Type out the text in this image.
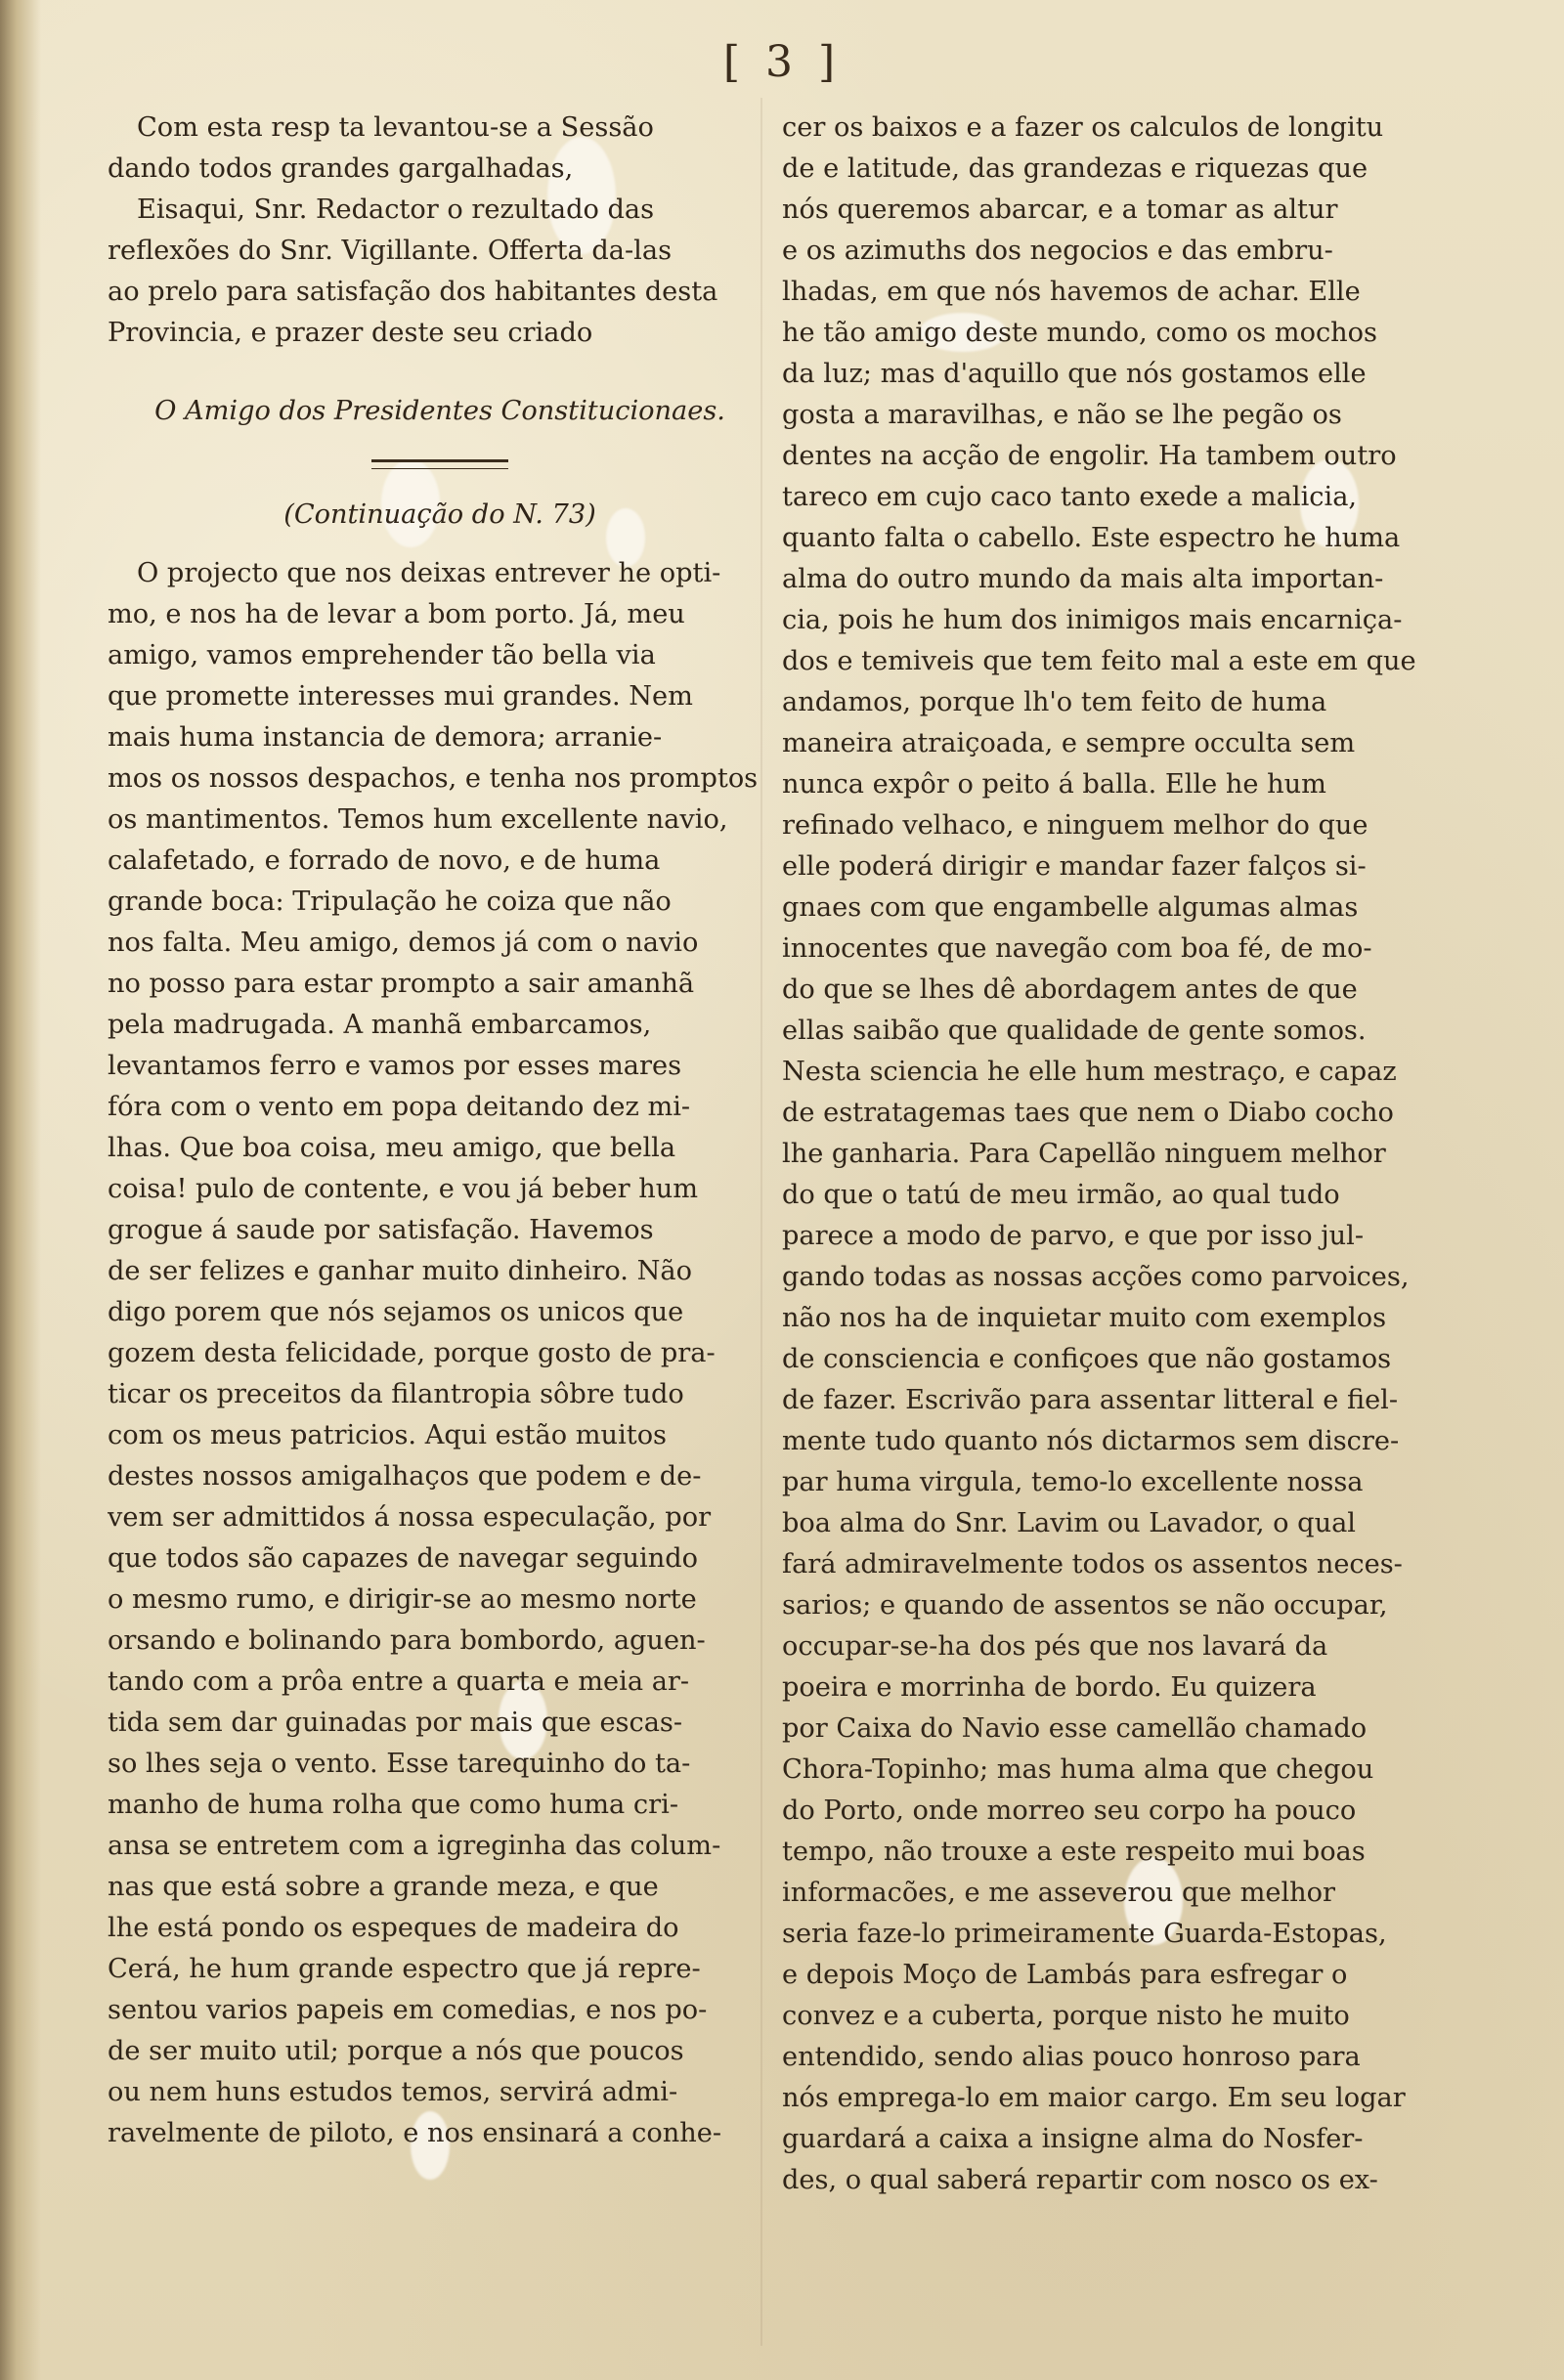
[ 3 ]
Com esta resp ta levantou-se a Sessão
dando todos grandes gargalhadas,
Eisaqui, Snr. Redactor o rezultado das
reflexões do Snr. Vigillante. Offerta da-las
ao prelo para satisfação dos habitantes desta
Provincia, e prazer deste seu criado
O Amigo dos Presidentes Constitucionaes.
(Continuação do N. 73)
O projecto que nos deixas entrever he opti-
mo, e nos ha de levar a bom porto. Já, meu
amigo, vamos emprehender tão bella via
que promette interesses mui grandes. Nem
mais huma instancia de demora; arranie-
mos os nossos despachos, e tenha nos promptos
os mantimentos. Temos hum excellente navio,
calafetado, e forrado de novo, e de huma
grande boca: Tripulação he coiza que não
nos falta. Meu amigo, demos já com o navio
no posso para estar prompto a sair amanhã
pela madrugada. A manhã embarcamos,
levantamos ferro e vamos por esses mares
fóra com o vento em popa deitando dez mi-
lhas. Que boa coisa, meu amigo, que bella
coisa! pulo de contente, e vou já beber hum
grogue á saude por satisfação. Havemos
de ser felizes e ganhar muito dinheiro. Não
digo porem que nós sejamos os unicos que
gozem desta felicidade, porque gosto de pra-
ticar os preceitos da filantropia sôbre tudo
com os meus patricios. Aqui estão muitos
destes nossos amigalhaços que podem e de-
vem ser admittidos á nossa especulação, por
que todos são capazes de navegar seguindo
o mesmo rumo, e dirigir-se ao mesmo norte
orsando e bolinando para bombordo, aguen-
tando com a prôa entre a quarta e meia ar-
tida sem dar guinadas por mais que escas-
so lhes seja o vento. Esse tarequinho do ta-
manho de huma rolha que como huma cri-
ansa se entretem com a igreginha das colum-
nas que está sobre a grande meza, e que
lhe está pondo os espeques de madeira do
Cerá, he hum grande espectro que já repre-
sentou varios papeis em comedias, e nos po-
de ser muito util; porque a nós que poucos
ou nem huns estudos temos, servirá admi-
ravelmente de piloto, e nos ensinará a conhe-
cer os baixos e a fazer os calculos de longitu
de e latitude, das grandezas e riquezas que
nós queremos abarcar, e a tomar as altur
e os azimuths dos negocios e das embru-
lhadas, em que nós havemos de achar. Elle
he tão amigo deste mundo, como os mochos
da luz; mas d'aquillo que nós gostamos elle
gosta a maravilhas, e não se lhe pegão os
dentes na acção de engolir. Ha tambem outro
tareco em cujo caco tanto exede a malicia,
quanto falta o cabello. Este espectro he huma
alma do outro mundo da mais alta importan-
cia, pois he hum dos inimigos mais encarniça-
dos e temiveis que tem feito mal a este em que
andamos, porque lh'o tem feito de huma
maneira atraiçoada, e sempre occulta sem
nunca expôr o peito á balla. Elle he hum
refinado velhaco, e ninguem melhor do que
elle poderá dirigir e mandar fazer falços si-
gnaes com que engambelle algumas almas
innocentes que navegão com boa fé, de mo-
do que se lhes dê abordagem antes de que
ellas saibão que qualidade de gente somos.
Nesta sciencia he elle hum mestraço, e capaz
de estratagemas taes que nem o Diabo cocho
lhe ganharia. Para Capellão ninguem melhor
do que o tatú de meu irmão, ao qual tudo
parece a modo de parvo, e que por isso jul-
gando todas as nossas acções como parvoices,
não nos ha de inquietar muito com exemplos
de consciencia e confiçoes que não gostamos
de fazer. Escrivão para assentar litteral e fiel-
mente tudo quanto nós dictarmos sem discre-
par huma virgula, temo-lo excellente nossa
boa alma do Snr. Lavim ou Lavador, o qual
fará admiravelmente todos os assentos neces-
sarios; e quando de assentos se não occupar,
occupar-se-ha dos pés que nos lavará da
poeira e morrinha de bordo. Eu quizera
por Caixa do Navio esse camellão chamado
Chora-Topinho; mas huma alma que chegou
do Porto, onde morreo seu corpo ha pouco
tempo, não trouxe a este respeito mui boas
informacões, e me asseverou que melhor
seria faze-lo primeiramente Guarda-Estopas,
e depois Moço de Lambás para esfregar o
convez e a cuberta, porque nisto he muito
entendido, sendo alias pouco honroso para
nós emprega-lo em maior cargo. Em seu logar
guardará a caixa a insigne alma do Nosfer-
des, o qual saberá repartir com nosco os ex-
